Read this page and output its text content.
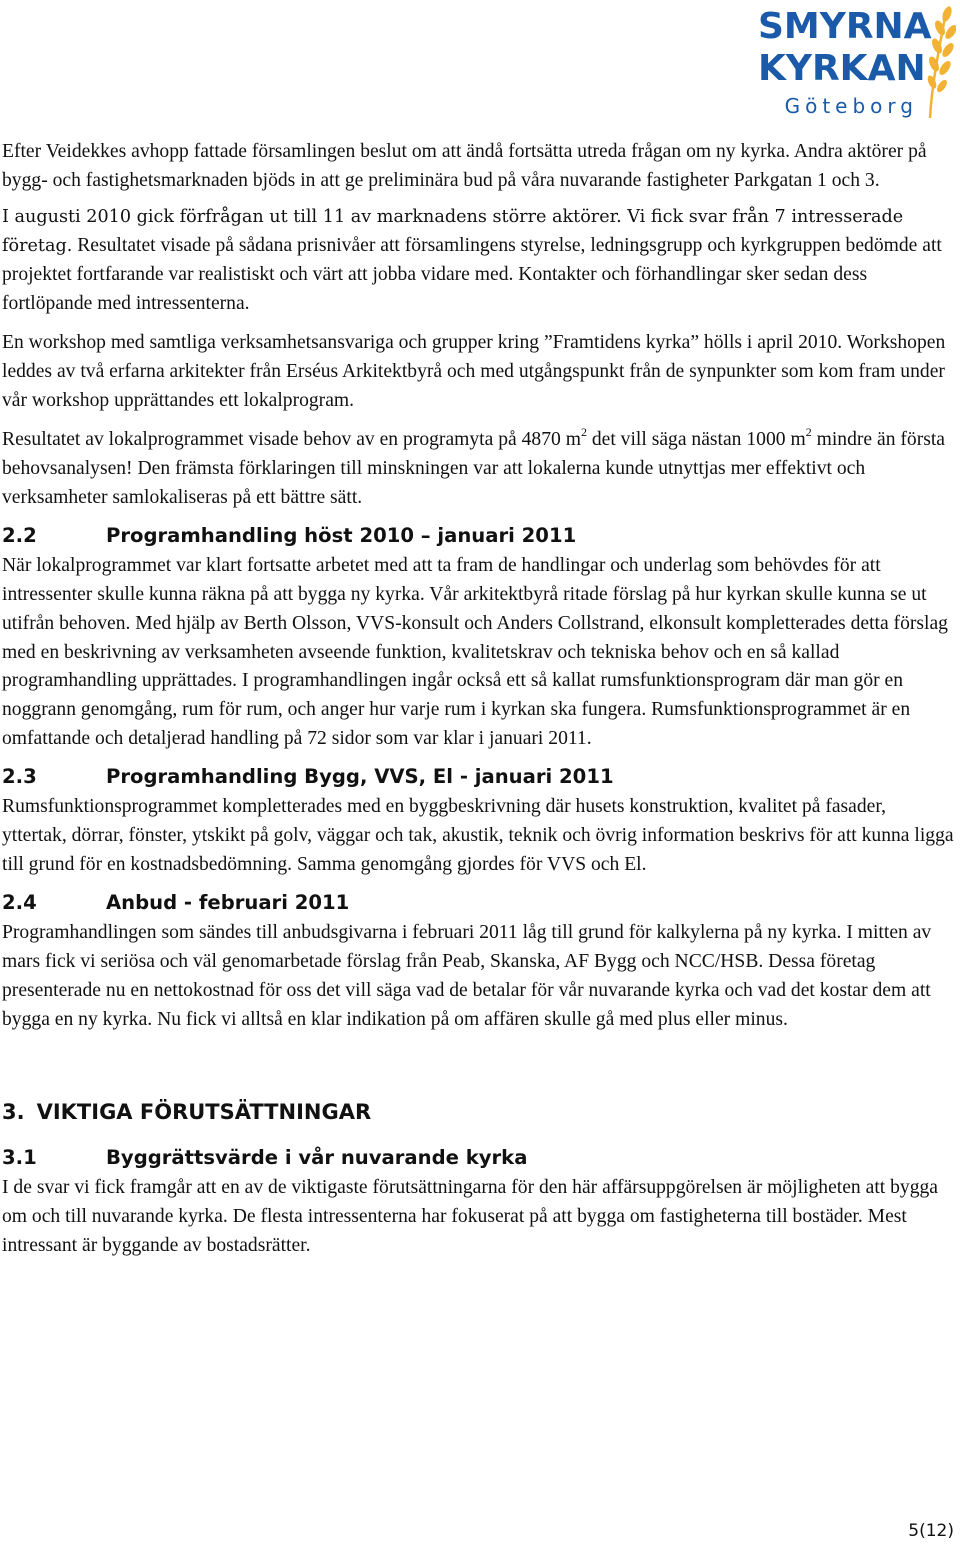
SMYRNA
KYRKAN
Göteborg

Efter Veidekkes avhopp fattade församlingen beslut om att ändå fortsätta utreda frågan om ny kyrka. Andra aktörer på bygg- och fastighetsmarknaden bjöds in att ge preliminära bud på våra nuvarande fastigheter Parkgatan 1 och 3.

I augusti 2010 gick förfrågan ut till 11 av marknadens större aktörer. Vi fick svar från 7 intresserade företag. Resultatet visade på sådana prisnivåer att församlingens styrelse, ledningsgrupp och kyrkgruppen bedömde att projektet fortfarande var realistiskt och värt att jobba vidare med. Kontakter och förhandlingar sker sedan dess fortlöpande med intressenterna.

En workshop med samtliga verksamhetsansvariga och grupper kring ”Framtidens kyrka” hölls i april 2010. Workshopen leddes av två erfarna arkitekter från Erséus Arkitektbyrå och med utgångspunkt från de synpunkter som kom fram under vår workshop upprättandes ett lokalprogram.

Resultatet av lokalprogrammet visade behov av en programyta på 4870 $m^2$ det vill säga nästan 1000 $m^2$ mindre än första behovsanalysen! Den främsta förklaringen till minskningen var att lokalerna kunde utnyttjas mer effektivt och verksamheter samlokaliseras på ett bättre sätt.

2.2	Programhandling höst 2010 – januari 2011

När lokalprogrammet var klart fortsatte arbetet med att ta fram de handlingar och underlag som behövdes för att intressenter skulle kunna räkna på att bygga ny kyrka. Vår arkitektbyrå ritade förslag på hur kyrkan skulle kunna se ut utifrån behoven. Med hjälp av Berth Olsson, VVS-konsult och Anders Collstrand, elkonsult kompletterades detta förslag med en beskrivning av verksamheten avseende funktion, kvalitetskrav och tekniska behov och en så kallad programhandling upprättades. I programhandlingen ingår också ett så kallat rumsfunktionsprogram där man gör en noggrann genomgång, rum för rum, och anger hur varje rum i kyrkan ska fungera. Rumsfunktionsprogrammet är en omfattande och detaljerad handling på 72 sidor som var klar i januari 2011.

2.3	Programhandling Bygg, VVS, El - januari 2011

Rumsfunktionsprogrammet kompletterades med en byggbeskrivning där husets konstruktion, kvalitet på fasader, yttertak, dörrar, fönster, ytskikt på golv, väggar och tak, akustik, teknik och övrig information beskrivs för att kunna ligga till grund för en kostnadsbedömning. Samma genomgång gjordes för VVS och El.

2.4	Anbud - februari 2011

Programhandlingen som sändes till anbudsgivarna i februari 2011 låg till grund för kalkylerna på ny kyrka. I mitten av mars fick vi seriösa och väl genomarbetade förslag från Peab, Skanska, AF Bygg och NCC/HSB. Dessa företag presenterade nu en nettokostnad för oss det vill säga vad de betalar för vår nuvarande kyrka och vad det kostar dem att bygga en ny kyrka. Nu fick vi alltså en klar indikation på om affären skulle gå med plus eller minus.

3. VIKTIGA FÖRUTSÄTTNINGAR
3.1	Byggrättsvärde i vår nuvarande kyrka

I de svar vi fick framgår att en av de viktigaste förutsättningarna för den här affärsuppgörelsen är möjligheten att bygga om och till nuvarande kyrka. De flesta intressenterna har fokuserat på att bygga om fastigheterna till bostäder. Mest intressant är byggande av bostadsrätter.

5(12)
